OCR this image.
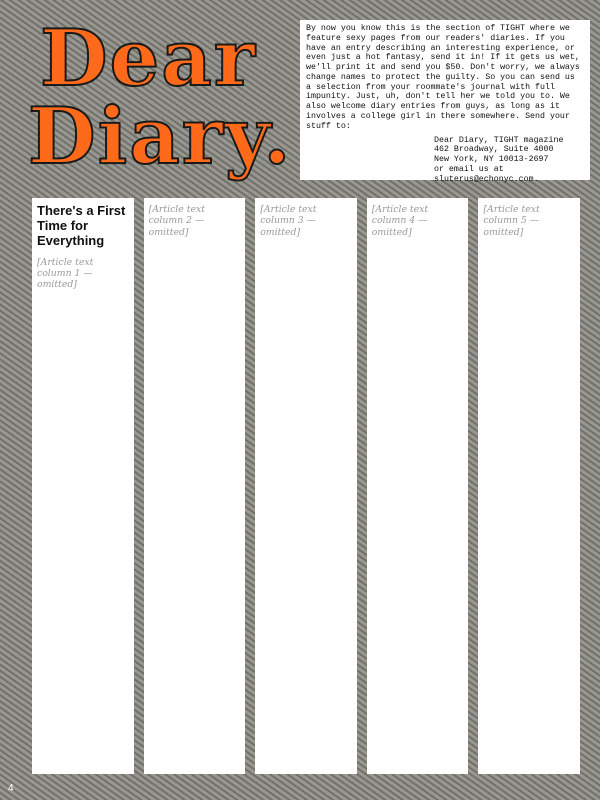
Dear
Diary.
By now you know this is the section of TIGHT where we feature sexy pages from our readers' diaries. If you have an entry describing an interesting experience, or even just a hot fantasy, send it in! If it gets us wet, we'll print it and send you $50. Don't worry, we always change names to protect the guilty. So you can send us a selection from your roommate's journal with full impunity. Just, uh, don't tell her we told you to. We also welcome diary entries from guys, as long as it involves a college girl in there somewhere. Send your stuff to:
Dear Diary, TIGHT magazine
462 Broadway, Suite 4000
New York, NY 10013-2697
or email us at sluterus@echonyc.com.
There's a First Time for Everything
[Article text column 1 — omitted]
[Article text column 2 — omitted]
[Article text column 3 — omitted]
[Article text column 4 — omitted]
[Article text column 5 — omitted]
4
